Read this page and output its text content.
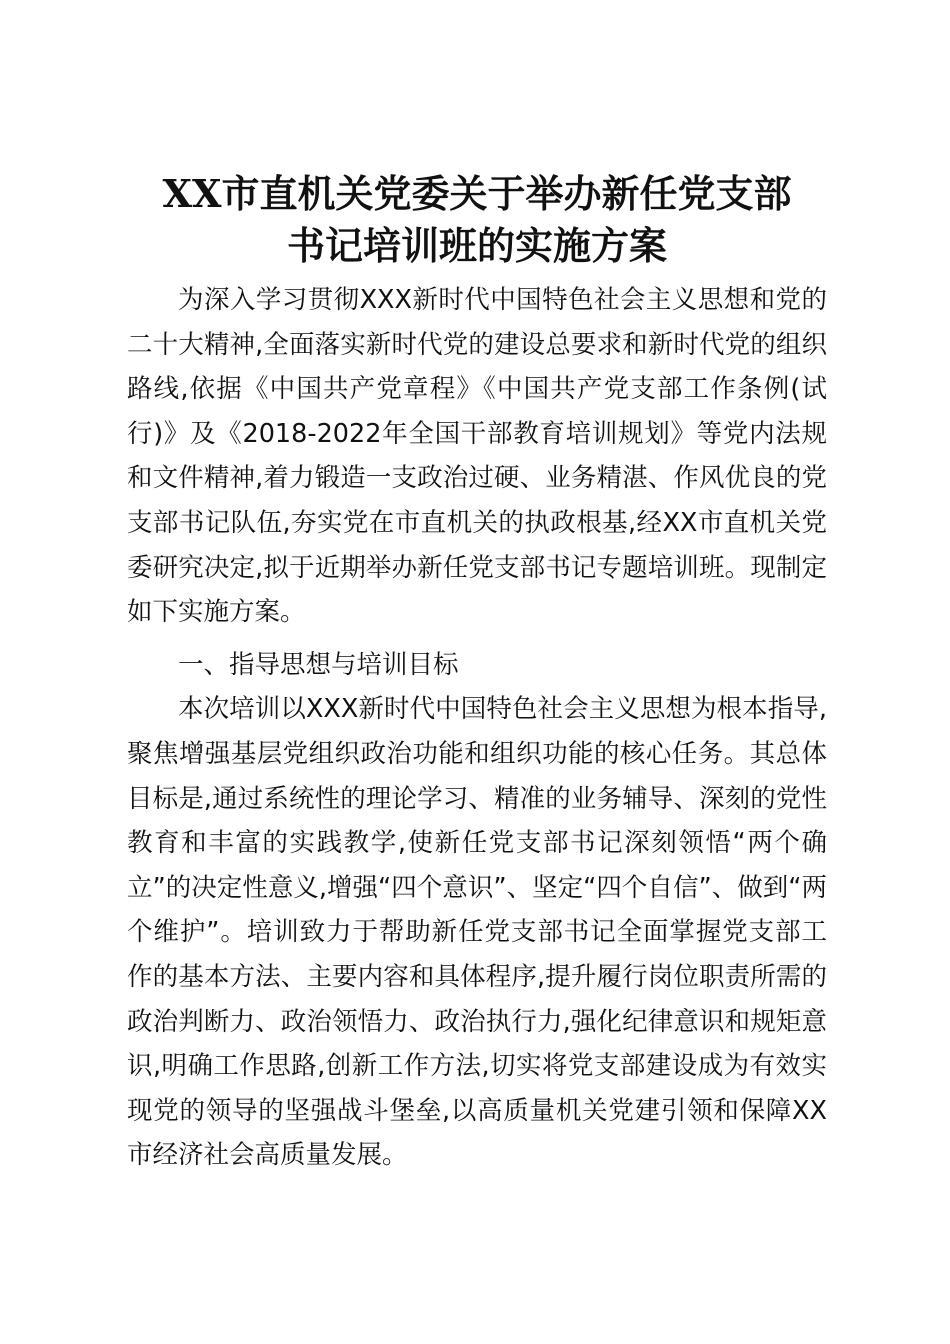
XX市直机关党委关于举办新任党支部
书记培训班的实施方案

为深入学习贯彻XXX新时代中国特色社会主义思想和党的二十大精神,全面落实新时代党的建设总要求和新时代党的组织路线,依据《中国共产党章程》《中国共产党支部工作条例(试行)》及《2018-2022年全国干部教育培训规划》等党内法规和文件精神,着力锻造一支政治过硬、业务精湛、作风优良的党支部书记队伍,夯实党在市直机关的执政根基,经XX市直机关党委研究决定,拟于近期举办新任党支部书记专题培训班。现制定如下实施方案。

一、指导思想与培训目标

本次培训以XXX新时代中国特色社会主义思想为根本指导,聚焦增强基层党组织政治功能和组织功能的核心任务。其总体目标是,通过系统性的理论学习、精准的业务辅导、深刻的党性教育和丰富的实践教学,使新任党支部书记深刻领悟“两个确立”的决定性意义,增强“四个意识”、坚定“四个自信”、做到“两个维护”。培训致力于帮助新任党支部书记全面掌握党支部工作的基本方法、主要内容和具体程序,提升履行岗位职责所需的政治判断力、政治领悟力、政治执行力,强化纪律意识和规矩意识,明确工作思路,创新工作方法,切实将党支部建设成为有效实现党的领导的坚强战斗堡垒,以高质量机关党建引领和保障XX市经济社会高质量发展。
